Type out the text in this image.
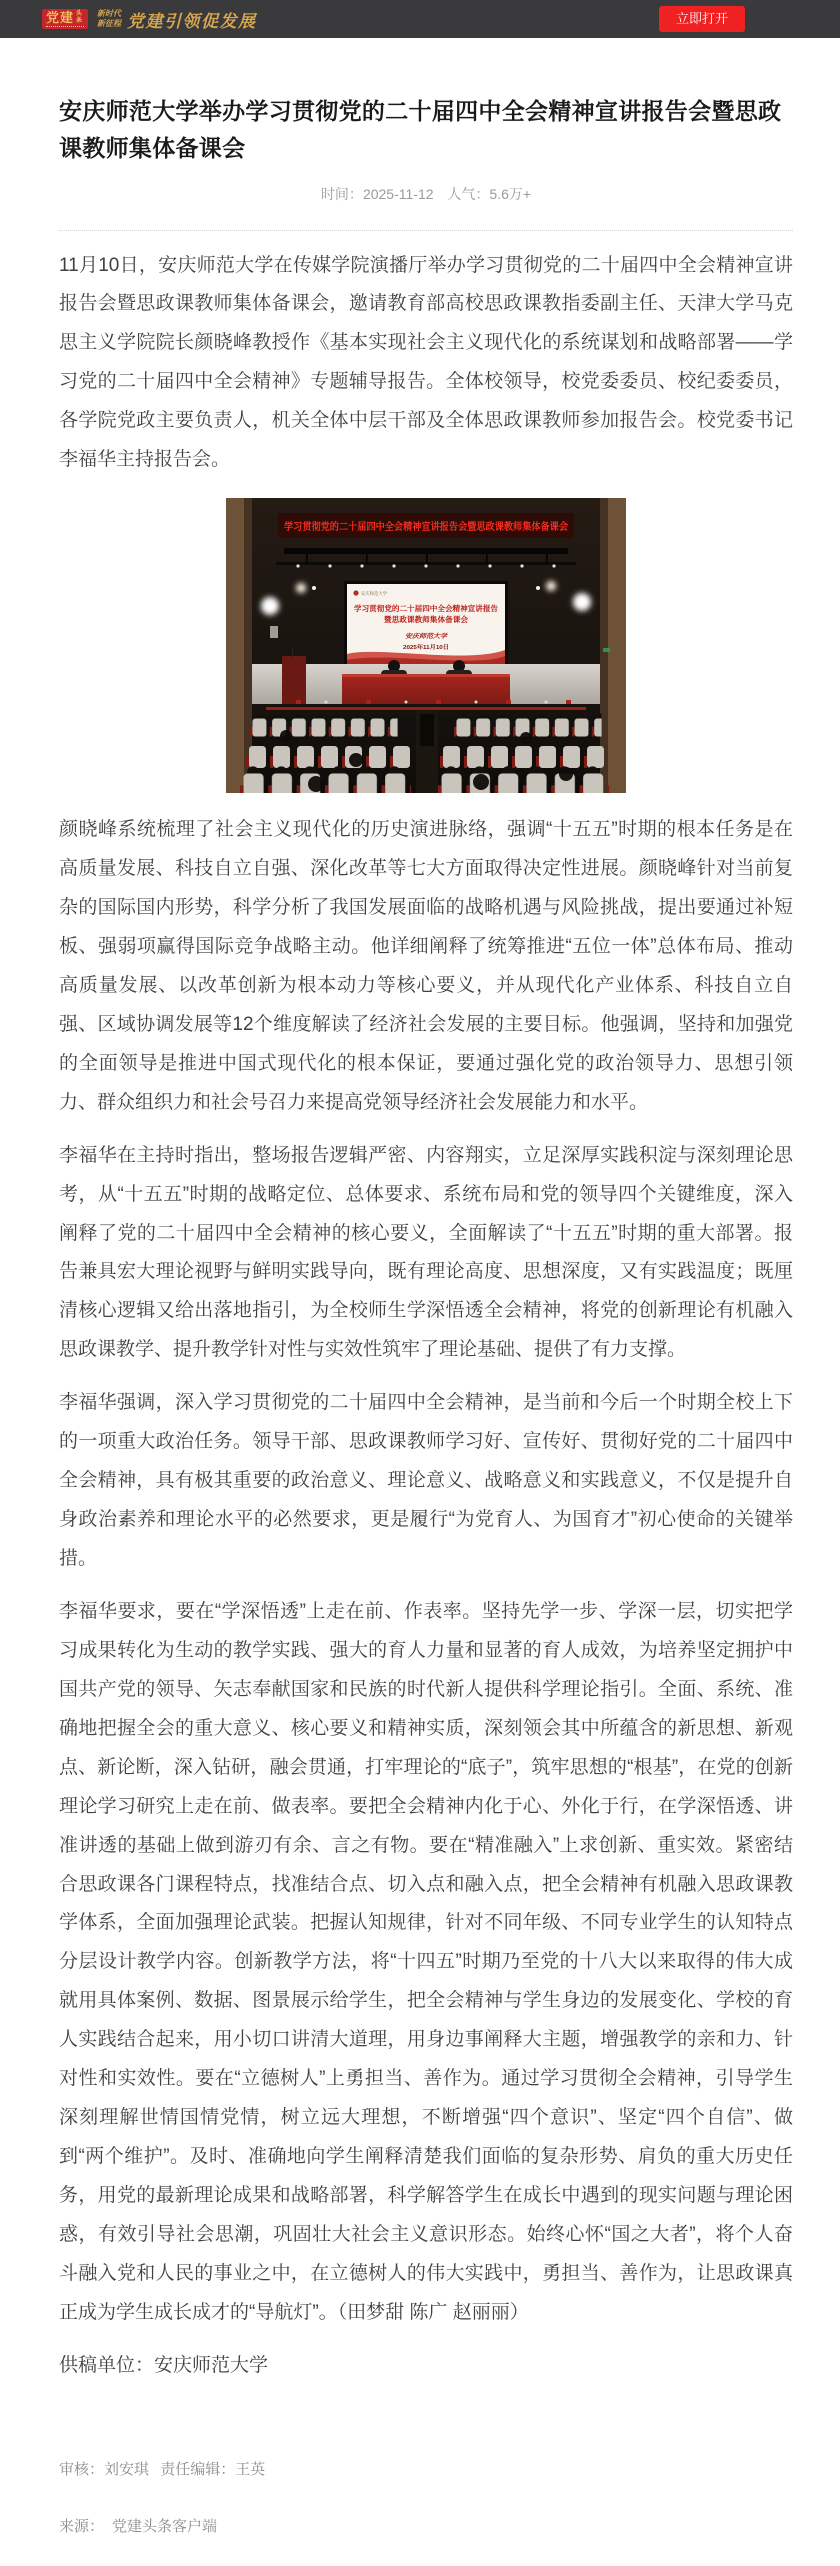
党建 头条
新时代
新征程 党建引领促发展	立即打开
安庆师范大学举办学习贯彻党的二十届四中全会精神宣讲报告会暨思政课教师集体备课会
时间：2025-11-12 人气：5.6万+

11月10日，安庆师范大学在传媒学院演播厅举办学习贯彻党的二十届四中全会精神宣讲报告会暨思政课教师集体备课会，邀请教育部高校思政课教指委副主任、天津大学马克思主义学院院长颜晓峰教授作《基本实现社会主义现代化的系统谋划和战略部署——学习党的二十届四中全会精神》专题辅导报告。全体校领导，校党委委员、校纪委委员，各学院党政主要负责人，机关全体中层干部及全体思政课教师参加报告会。校党委书记李福华主持报告会。

学习贯彻党的二十届四中全会精神宣讲报告会暨思政课教师集体备课会
安庆师范大学
学习贯彻党的二十届四中全会精神宣讲报告
暨思政课教师集体备课会
安庆师范大学
2025年11月10日

颜晓峰系统梳理了社会主义现代化的历史演进脉络，强调“十五五”时期的根本任务是在高质量发展、科技自立自强、深化改革等七大方面取得决定性进展。颜晓峰针对当前复杂的国际国内形势，科学分析了我国发展面临的战略机遇与风险挑战，提出要通过补短板、强弱项赢得国际竞争战略主动。他详细阐释了统筹推进“五位一体”总体布局、推动高质量发展、以改革创新为根本动力等核心要义，并从现代化产业体系、科技自立自强、区域协调发展等12个维度解读了经济社会发展的主要目标。他强调，坚持和加强党的全面领导是推进中国式现代化的根本保证，要通过强化党的政治领导力、思想引领力、群众组织力和社会号召力来提高党领导经济社会发展能力和水平。

李福华在主持时指出，整场报告逻辑严密、内容翔实，立足深厚实践积淀与深刻理论思考，从“十五五”时期的战略定位、总体要求、系统布局和党的领导四个关键维度，深入阐释了党的二十届四中全会精神的核心要义，全面解读了“十五五”时期的重大部署。报告兼具宏大理论视野与鲜明实践导向，既有理论高度、思想深度，又有实践温度；既厘清核心逻辑又给出落地指引，为全校师生学深悟透全会精神，将党的创新理论有机融入思政课教学、提升教学针对性与实效性筑牢了理论基础、提供了有力支撑。

李福华强调，深入学习贯彻党的二十届四中全会精神，是当前和今后一个时期全校上下的一项重大政治任务。领导干部、思政课教师学习好、宣传好、贯彻好党的二十届四中全会精神，具有极其重要的政治意义、理论意义、战略意义和实践意义，不仅是提升自身政治素养和理论水平的必然要求，更是履行“为党育人、为国育才”初心使命的关键举措。

李福华要求，要在“学深悟透”上走在前、作表率。坚持先学一步、学深一层，切实把学习成果转化为生动的教学实践、强大的育人力量和显著的育人成效，为培养坚定拥护中国共产党的领导、矢志奉献国家和民族的时代新人提供科学理论指引。全面、系统、准确地把握全会的重大意义、核心要义和精神实质，深刻领会其中所蕴含的新思想、新观点、新论断，深入钻研，融会贯通，打牢理论的“底子”，筑牢思想的“根基”，在党的创新理论学习研究上走在前、做表率。要把全会精神内化于心、外化于行，在学深悟透、讲准讲透的基础上做到游刃有余、言之有物。要在“精准融入”上求创新、重实效。紧密结合思政课各门课程特点，找准结合点、切入点和融入点，把全会精神有机融入思政课教学体系，全面加强理论武装。把握认知规律，针对不同年级、不同专业学生的认知特点分层设计教学内容。创新教学方法，将“十四五”时期乃至党的十八大以来取得的伟大成就用具体案例、数据、图景展示给学生，把全会精神与学生身边的发展变化、学校的育人实践结合起来，用小切口讲清大道理，用身边事阐释大主题，增强教学的亲和力、针对性和实效性。要在“立德树人”上勇担当、善作为。通过学习贯彻全会精神，引导学生深刻理解世情国情党情，树立远大理想，不断增强“四个意识”、坚定“四个自信”、做到“两个维护”。及时、准确地向学生阐释清楚我们面临的复杂形势、肩负的重大历史任务，用党的最新理论成果和战略部署，科学解答学生在成长中遇到的现实问题与理论困惑，有效引导社会思潮，巩固壮大社会主义意识形态。始终心怀“国之大者”，将个人奋斗融入党和人民的事业之中，在立德树人的伟大实践中，勇担当、善作为，让思政课真正成为学生成长成才的“导航灯”。（田梦甜 陈广 赵丽丽）

供稿单位：安庆师范大学

审核：刘安琪 责任编辑：王英

来源： 党建头条客户端
